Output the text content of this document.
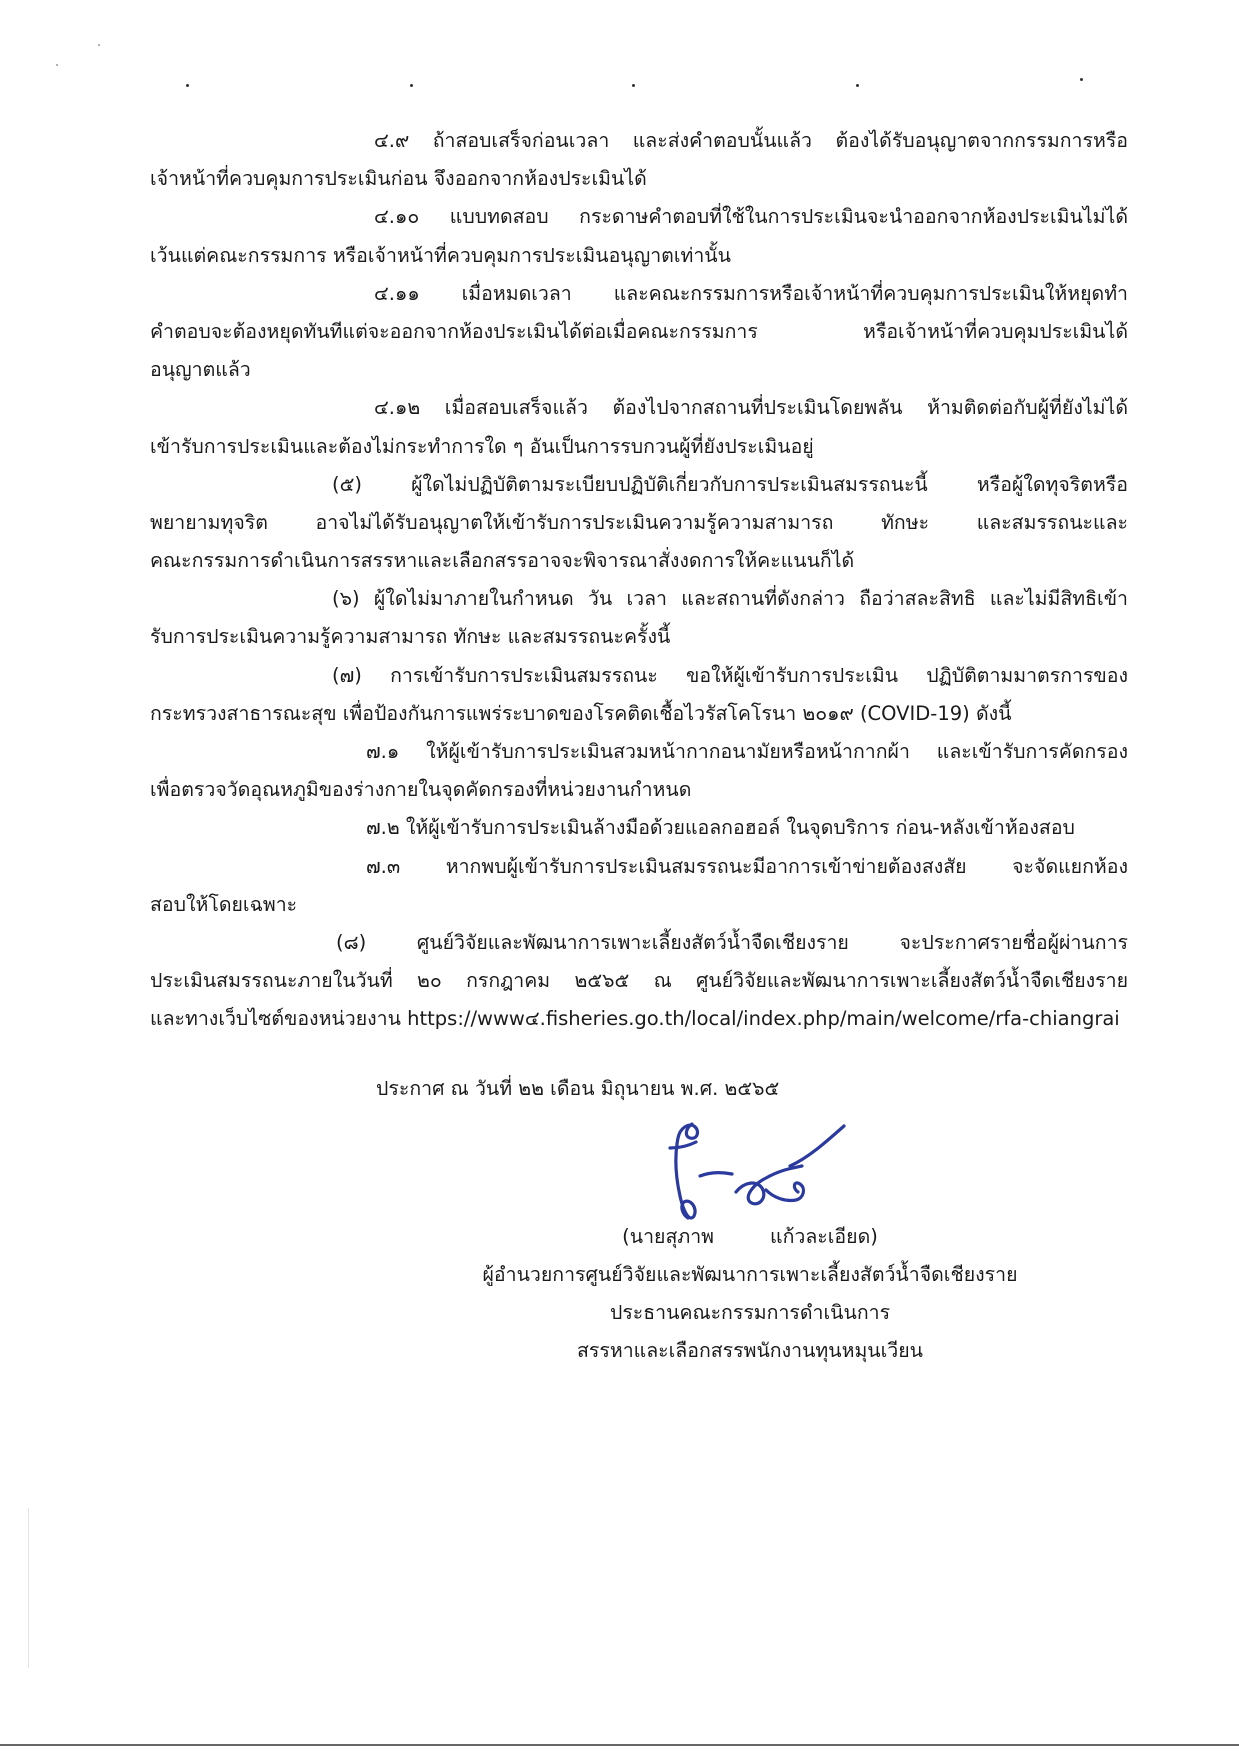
๔.๙ ถ้าสอบเสร็จก่อนเวลา และส่งคำตอบนั้นแล้ว ต้องได้รับอนุญาตจากกรรมการหรือ
เจ้าหน้าที่ควบคุมการประเมินก่อน จึงออกจากห้องประเมินได้
๔.๑๐ แบบทดสอบ กระดาษคำตอบที่ใช้ในการประเมินจะนำออกจากห้องประเมินไม่ได้
เว้นแต่คณะกรรมการ หรือเจ้าหน้าที่ควบคุมการประเมินอนุญาตเท่านั้น
๔.๑๑ เมื่อหมดเวลา และคณะกรรมการหรือเจ้าหน้าที่ควบคุมการประเมินให้หยุดทำ
คำตอบจะต้องหยุดทันทีแต่จะออกจากห้องประเมินได้ต่อเมื่อคณะกรรมการ หรือเจ้าหน้าที่ควบคุมประเมินได้
อนุญาตแล้ว
๔.๑๒ เมื่อสอบเสร็จแล้ว ต้องไปจากสถานที่ประเมินโดยพลัน ห้ามติดต่อกับผู้ที่ยังไม่ได้
เข้ารับการประเมินและต้องไม่กระทำการใด ๆ อันเป็นการรบกวนผู้ที่ยังประเมินอยู่
(๕) ผู้ใดไม่ปฏิบัติตามระเบียบปฏิบัติเกี่ยวกับการประเมินสมรรถนะนี้ หรือผู้ใดทุจริตหรือ
พยายามทุจริต อาจไม่ได้รับอนุญาตให้เข้ารับการประเมินความรู้ความสามารถ ทักษะ และสมรรถนะและ
คณะกรรมการดำเนินการสรรหาและเลือกสรรอาจจะพิจารณาสั่งงดการให้คะแนนก็ได้
(๖) ผู้ใดไม่มาภายในกำหนด วัน เวลา และสถานที่ดังกล่าว ถือว่าสละสิทธิ และไม่มีสิทธิเข้า
รับการประเมินความรู้ความสามารถ ทักษะ และสมรรถนะครั้งนี้
(๗) การเข้ารับการประเมินสมรรถนะ ขอให้ผู้เข้ารับการประเมิน ปฏิบัติตามมาตรการของ
กระทรวงสาธารณะสุข เพื่อป้องกันการแพร่ระบาดของโรคติดเชื้อไวรัสโคโรนา ๒๐๑๙ (COVID-19) ดังนี้
๗.๑ ให้ผู้เข้ารับการประเมินสวมหน้ากากอนามัยหรือหน้ากากผ้า และเข้ารับการคัดกรอง
เพื่อตรวจวัดอุณหภูมิของร่างกายในจุดคัดกรองที่หน่วยงานกำหนด
๗.๒ ให้ผู้เข้ารับการประเมินล้างมือด้วยแอลกอฮอล์ ในจุดบริการ ก่อน-หลังเข้าห้องสอบ
๗.๓ หากพบผู้เข้ารับการประเมินสมรรถนะมีอาการเข้าข่ายต้องสงสัย จะจัดแยกห้อง
สอบให้โดยเฉพาะ
(๘) ศูนย์วิจัยและพัฒนาการเพาะเลี้ยงสัตว์น้ำจืดเชียงราย จะประกาศรายชื่อผู้ผ่านการ
ประเมินสมรรถนะภายในวันที่ ๒๐ กรกฎาคม ๒๕๖๕ ณ ศูนย์วิจัยและพัฒนาการเพาะเลี้ยงสัตว์น้ำจืดเชียงราย
และทางเว็บไซต์ของหน่วยงาน https://www๔.fisheries.go.th/local/index.php/main/welcome/rfa-chiangrai
ประกาศ ณ วันที่ ๒๒ เดือน มิถุนายน พ.ศ. ๒๕๖๕
(นายสุภาพ	แก้วละเอียด)
ผู้อำนวยการศูนย์วิจัยและพัฒนาการเพาะเลี้ยงสัตว์น้ำจืดเชียงราย
ประธานคณะกรรมการดำเนินการ
สรรหาและเลือกสรรพนักงานทุนหมุนเวียน
